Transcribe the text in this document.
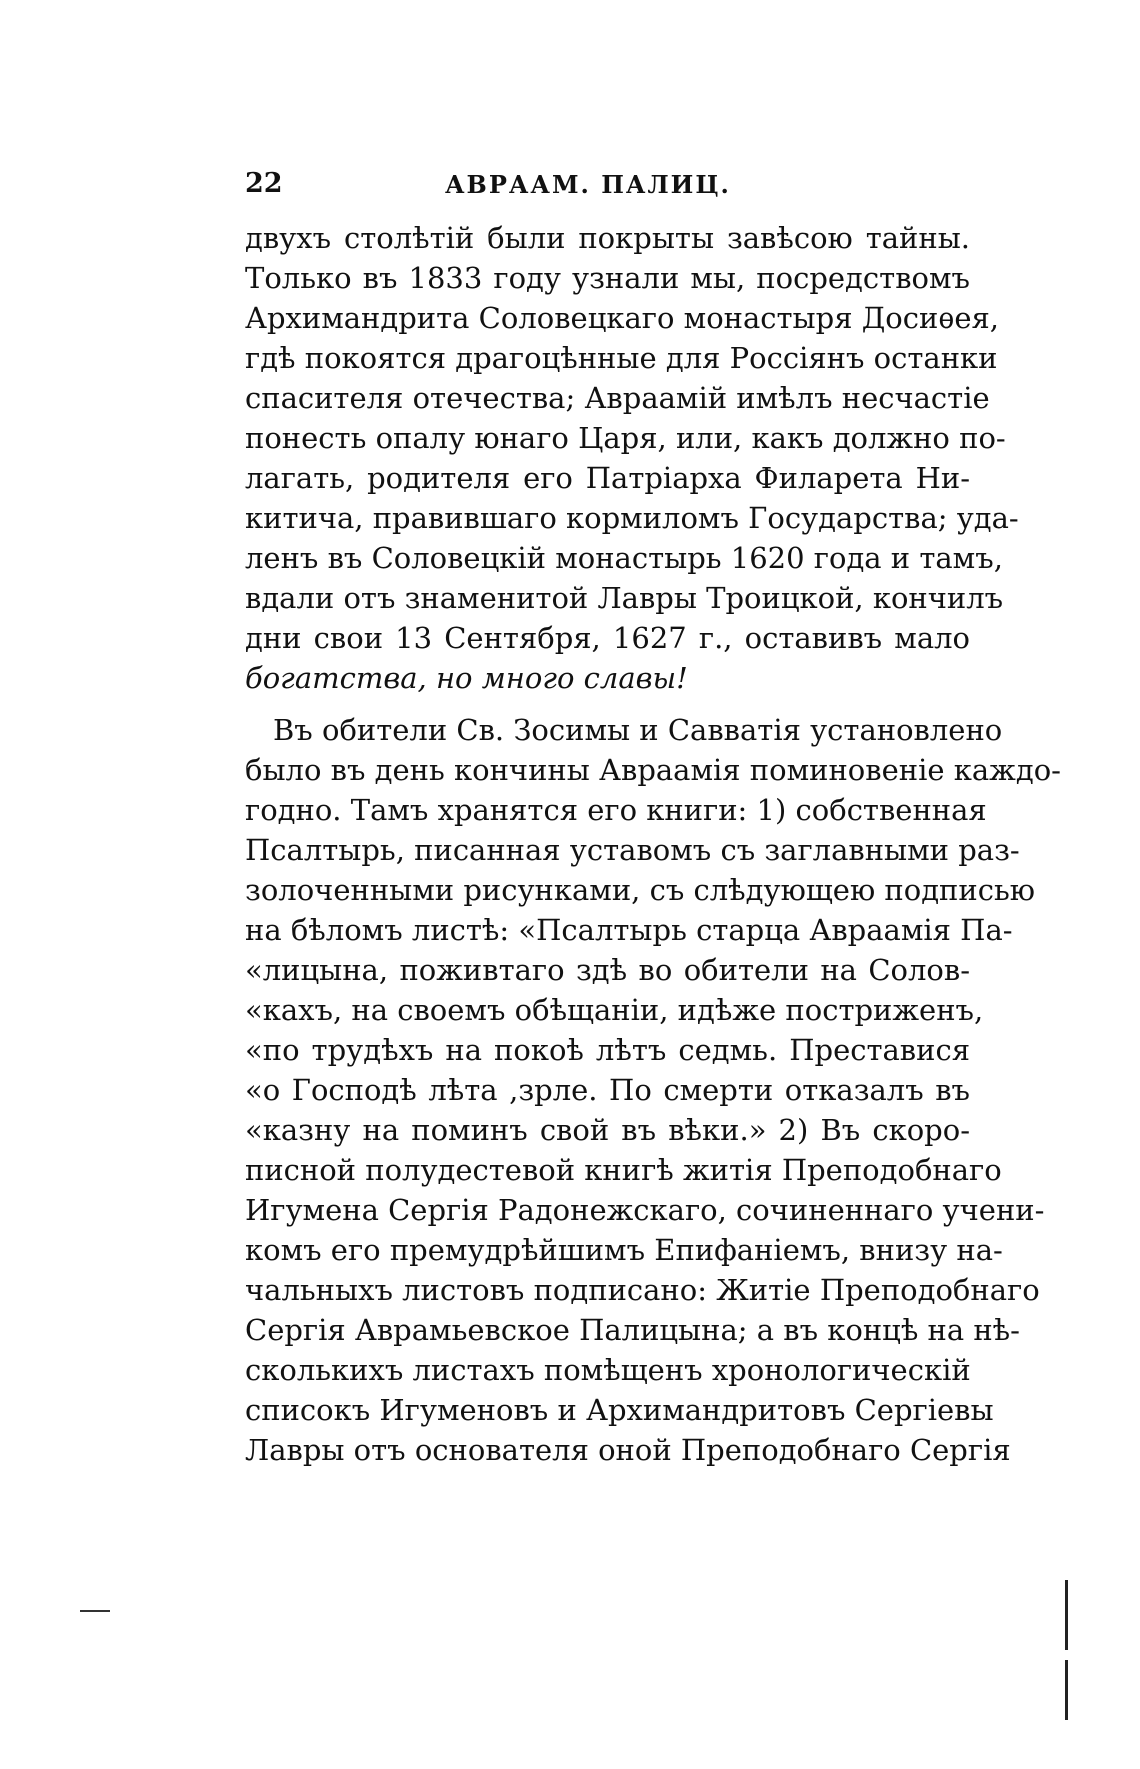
22	АВРААМ. ПАЛИЦ.
двухъ столѣтій были покрыты завѣсою тайны.
Только въ 1833 году узнали мы, посредствомъ
Архимандрита Соловецкаго монастыря Досиѳея,
гдѣ покоятся драгоцѣнные для Россіянъ останки
спасителя отечества; Авраамій имѣлъ несчастіе
понесть опалу юнаго Царя, или, какъ должно по-
лагать, родителя его Патріарха Филарета Ни-
китича, правившаго кормиломъ Государства; уда-
ленъ въ Соловецкій монастырь 1620 года и тамъ,
вдали отъ знаменитой Лавры Троицкой, кончилъ
дни свои 13 Сентября, 1627 г., оставивъ мало
богатства, но много славы!
Въ обители Св. Зосимы и Савватія установлено
было въ день кончины Авраамія поминовеніе каждо-
годно. Тамъ хранятся его книги: 1) собственная
Псалтырь, писанная уставомъ съ заглавными раз-
золоченными рисунками, съ слѣдующею подписью
на бѣломъ листѣ: «Псалтырь старца Авраамія Па-
«лицына, поживтаго здѣ во обители на Солов-
«кахъ, на своемъ обѣщаніи, идѣже постриженъ,
«по трудѣхъ на покоѣ лѣтъ седмь. Преставися
«о Господѣ лѣта ,зрле. По смерти отказалъ въ
«казну на поминъ свой въ вѣки.» 2) Въ скоро-
писной полудестевой книгѣ житія Преподобнаго
Игумена Сергія Радонежскаго, сочиненнаго учени-
комъ его премудрѣйшимъ Епифаніемъ, внизу на-
чальныхъ листовъ подписано: Житіе Преподобнаго
Сергія Аврамьевское Палицына; а въ концѣ на нѣ-
сколькихъ листахъ помѣщенъ хронологическій
списокъ Игуменовъ и Архимандритовъ Сергіевы
Лавры отъ основателя оной Преподобнаго Сергія
